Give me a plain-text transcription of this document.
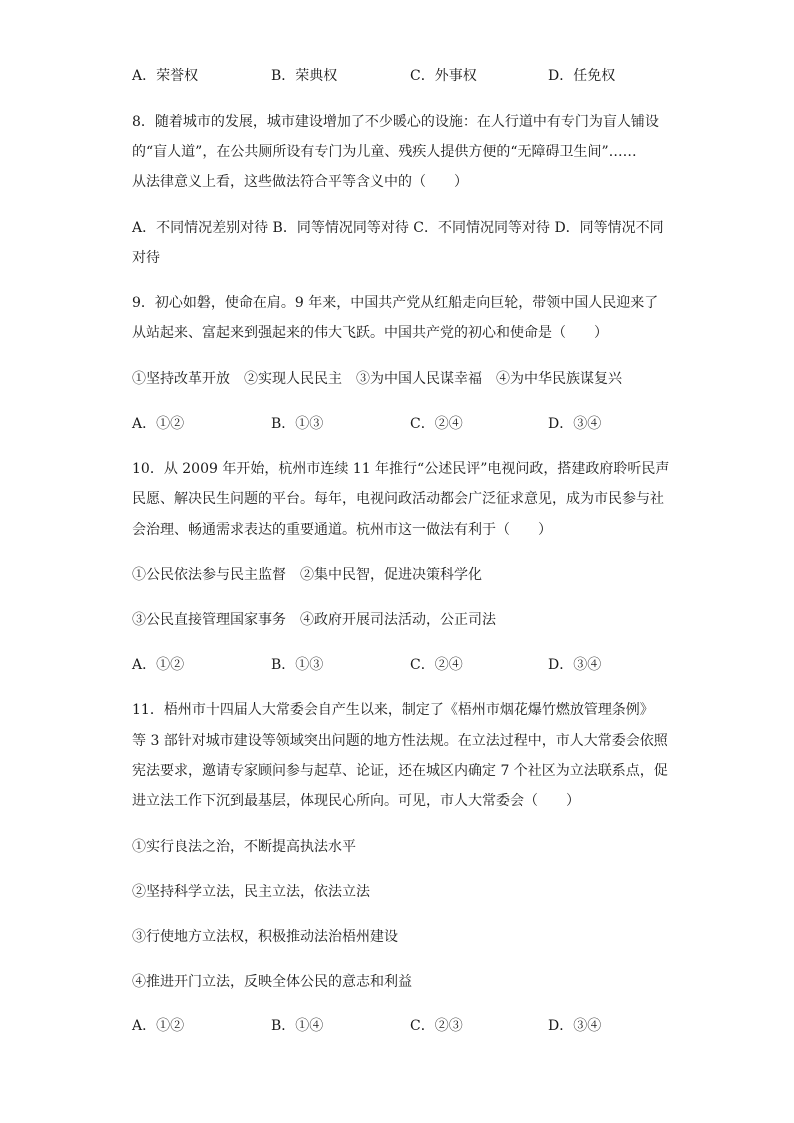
A．荣誉权	B．荣典权	C．外事权	D．任免权
8．随着城市的发展，城市建设增加了不少暖心的设施：在人行道中有专门为盲人铺设
的“盲人道”，在公共厕所设有专门为儿童、残疾人提供方便的“无障碍卫生间”……
从法律意义上看，这些做法符合平等含义中的（　　）
A．不同情况差别对待 B．同等情况同等对待 C．不同情况同等对待 D．同等情况不同
对待
9．初心如磐，使命在肩。9 年来，中国共产党从红船走向巨轮，带领中国人民迎来了
从站起来、富起来到强起来的伟大飞跃。中国共产党的初心和使命是（　　）
①坚持改革开放　②实现人民民主　③为中国人民谋幸福　④为中华民族谋复兴
A．①②	B．①③	C．②④	D．③④
10．从 2009 年开始，杭州市连续 11 年推行“公述民评”电视问政，搭建政府聆听民声
民愿、解决民生问题的平台。每年，电视问政活动都会广泛征求意见，成为市民参与社
会治理、畅通需求表达的重要通道。杭州市这一做法有利于（　　）
①公民依法参与民主监督　②集中民智，促进决策科学化
③公民直接管理国家事务　④政府开展司法活动，公正司法
A．①②	B．①③	C．②④	D．③④
11．梧州市十四届人大常委会自产生以来，制定了《梧州市烟花爆竹燃放管理条例》
等 3 部针对城市建设等领域突出问题的地方性法规。在立法过程中，市人大常委会依照
宪法要求，邀请专家顾问参与起草、论证，还在城区内确定 7 个社区为立法联系点，促
进立法工作下沉到最基层，体现民心所向。可见，市人大常委会（　　）
①实行良法之治，不断提高执法水平
②坚持科学立法，民主立法，依法立法
③行使地方立法权，积极推动法治梧州建设
④推进开门立法，反映全体公民的意志和利益
A．①②	B．①④	C．②③	D．③④
